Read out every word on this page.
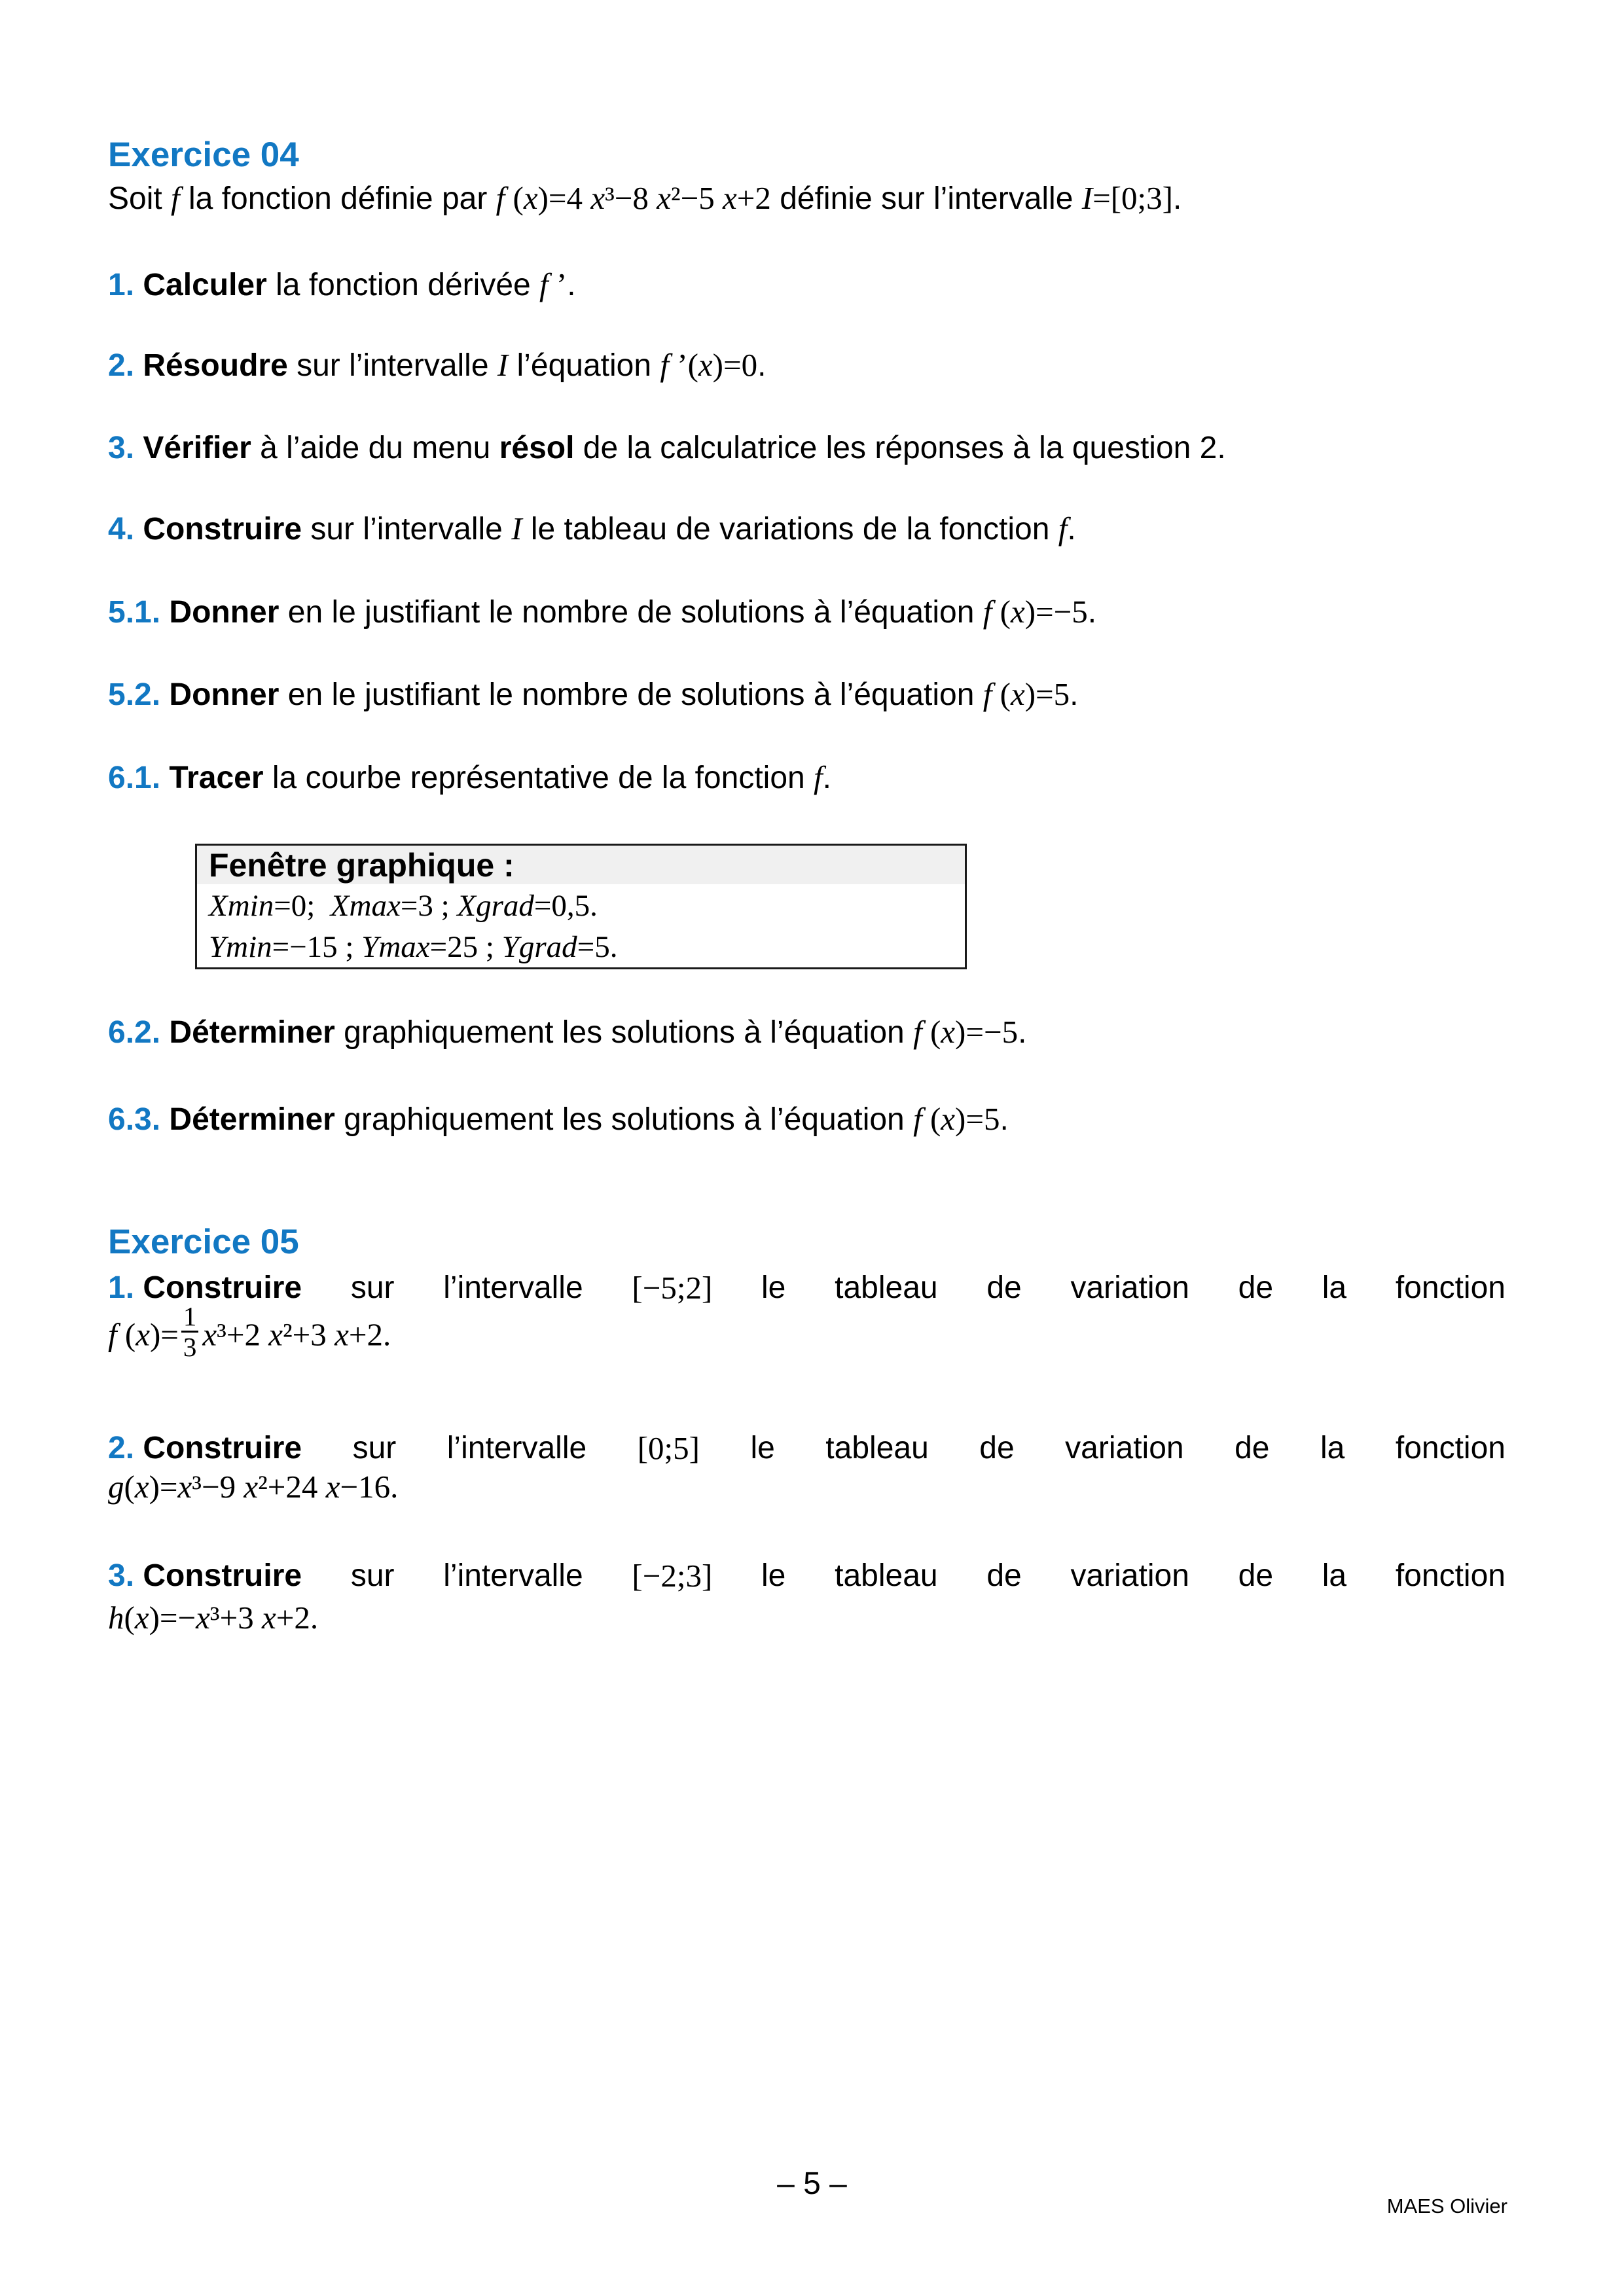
Exercice 04
Soit f la fonction définie par f (x)=4 x³−8 x²−5 x+2 définie sur l’intervalle I=[0;3].
1. Calculer la fonction dérivée f ’.
2. Résoudre sur l’intervalle I l’équation f ’(x)=0.
3. Vérifier à l’aide du menu résol de la calculatrice les réponses à la question 2.
4. Construire sur l’intervalle I le tableau de variations de la fonction f.
5.1. Donner en le justifiant le nombre de solutions à l’équation f (x)=−5.
5.2. Donner en le justifiant le nombre de solutions à l’équation f (x)=5.
6.1. Tracer la courbe représentative de la fonction f.
Fenêtre graphique :
Xmin=0;  Xmax=3 ; Xgrad=0,5.
Ymin=−15 ; Ymax=25 ; Ygrad=5.
6.2. Déterminer graphiquement les solutions à l’équation f (x)=−5.
6.3. Déterminer graphiquement les solutions à l’équation f (x)=5.
Exercice 05
1. Construire sur l’intervalle [−5;2] le tableau de variation de la fonction
f $(x)= \frac{1}{3} x^3+2$ x²+3 x+2.
2. Construire sur l’intervalle [0;5] le tableau de variation de la fonction
g(x)=x³−9 x²+24 x−16.
3. Construire sur l’intervalle [−2;3] le tableau de variation de la fonction
h(x)=−x³+3 x+2.
– 5 –
MAES Olivier
